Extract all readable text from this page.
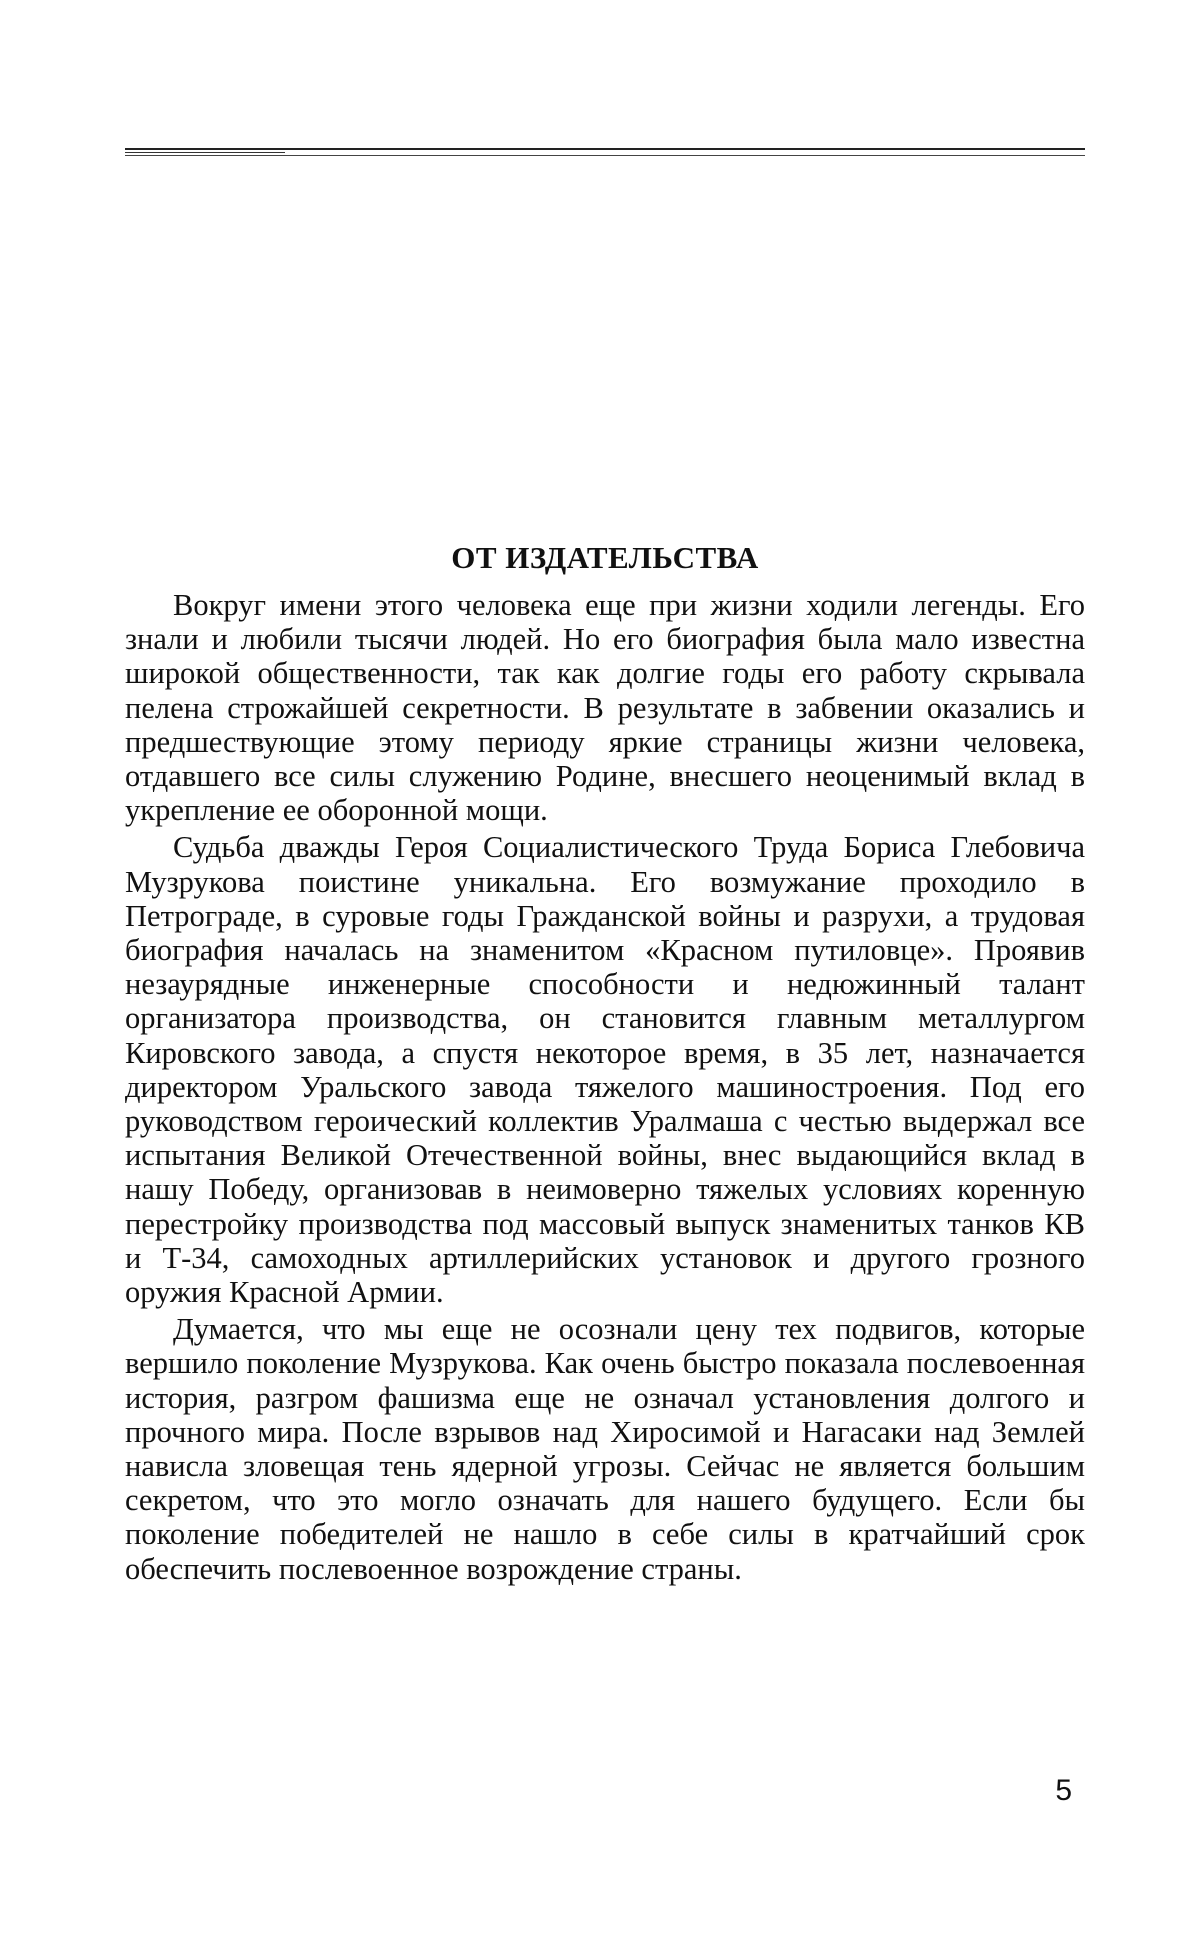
ОТ ИЗДАТЕЛЬСТВА

Вокруг имени этого человека еще при жизни ходили легенды. Его знали и любили тысячи людей. Но его биография была мало известна широкой общественности, так как долгие годы его работу скрывала пелена строжайшей секретности. В результате в забвении оказались и предшествующие этому периоду яркие страницы жизни человека, отдавшего все силы служению Родине, внесшего неоценимый вклад в укрепление ее оборонной мощи.

Судьба дважды Героя Социалистического Труда Бориса Глебовича Музрукова поистине уникальна. Его возмужание проходило в Петрограде, в суровые годы Гражданской войны и разрухи, а трудовая биография началась на знаменитом «Красном путиловце». Проявив незаурядные инженерные способности и недюжинный талант организатора производства, он становится главным металлургом Кировского завода, а спустя некоторое время, в 35 лет, назначается директором Уральского завода тяжелого машиностроения. Под его руководством героический коллектив Уралмаша с честью выдержал все испытания Великой Отечественной войны, внес выдающийся вклад в нашу Победу, организовав в неимоверно тяжелых условиях коренную перестройку производства под массовый выпуск знаменитых танков КВ и Т-34, самоходных артиллерийских установок и другого грозного оружия Красной Армии.

Думается, что мы еще не осознали цену тех подвигов, которые вершило поколение Музрукова. Как очень быстро показала послевоенная история, разгром фашизма еще не означал установления долгого и прочного мира. После взрывов над Хиросимой и Нагасаки над Землей нависла зловещая тень ядерной угрозы. Сейчас не является большим секретом, что это могло означать для нашего будущего. Если бы поколение победителей не нашло в себе силы в кратчайший срок обеспечить послевоенное возрождение страны.

5
